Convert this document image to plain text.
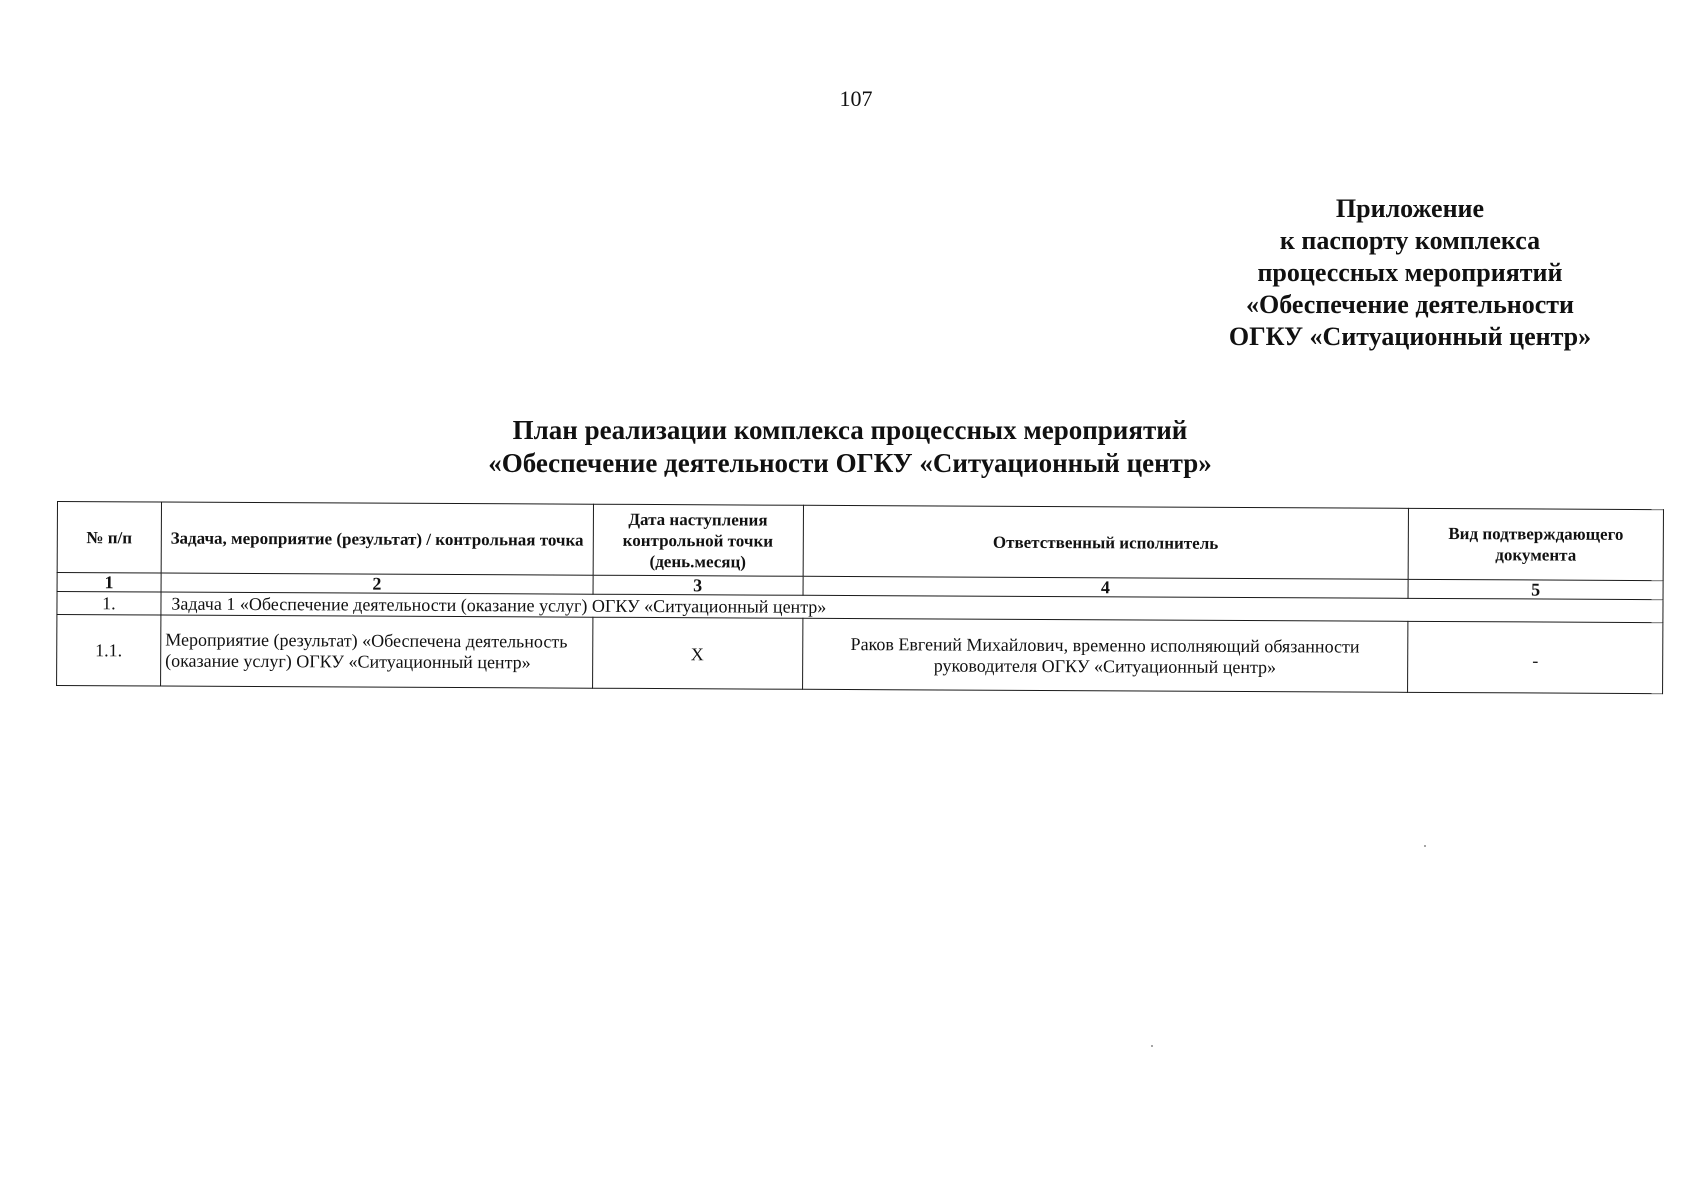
107
Приложение
к паспорту комплекса
процессных мероприятий
«Обеспечение деятельности
ОГКУ «Ситуационный центр»
План реализации комплекса процессных мероприятий
«Обеспечение деятельности ОГКУ «Ситуационный центр»
№ п/п	Задача, мероприятие (результат) / контрольная точка	Дата наступления контрольной точки (день.месяц)	Ответственный исполнитель	Вид подтверждающего документа
1	2	3	4	5
1.	Задача 1 «Обеспечение деятельности (оказание услуг) ОГКУ «Ситуационный центр»			
1.1.	Мероприятие (результат) «Обеспечена деятельность (оказание услуг) ОГКУ «Ситуационный центр»	X	Раков Евгений Михайлович, временно исполняющий обязанности руководителя ОГКУ «Ситуационный центр»	-
